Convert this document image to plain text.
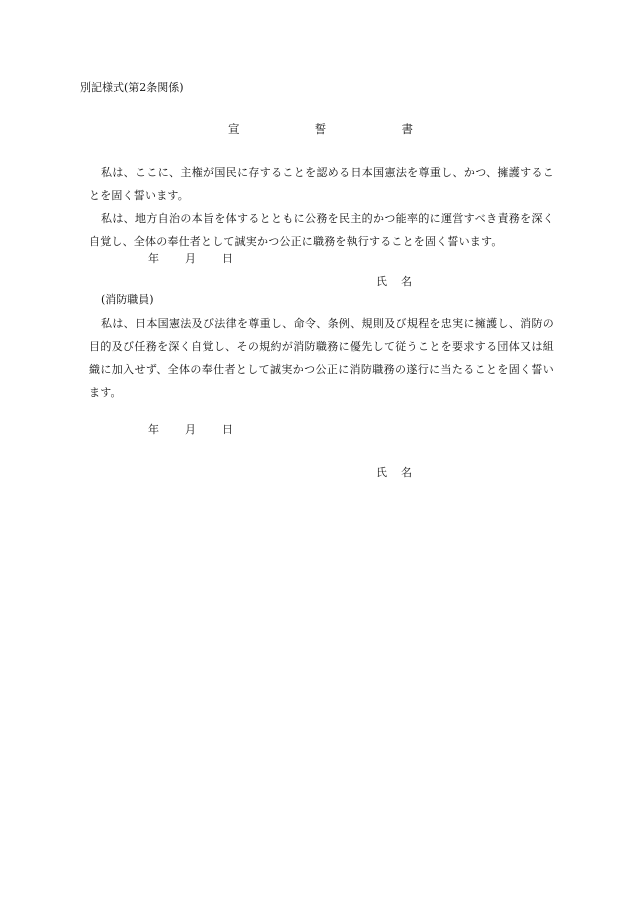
別記様式(第2条関係)
宣	誓	書
私は、ここに、主権が国民に存することを認める日本国憲法を尊重し、かつ、擁護することを固く誓います。
私は、地方自治の本旨を体するとともに公務を民主的かつ能率的に運営すべき責務を深く自覚し、全体の奉仕者として誠実かつ公正に職務を執行することを固く誓います。
年 月 日
氏 名
(消防職員)
私は、日本国憲法及び法律を尊重し、命令、条例、規則及び規程を忠実に擁護し、消防の目的及び任務を深く自覚し、その規約が消防職務に優先して従うことを要求する団体又は組織に加入せず、全体の奉仕者として誠実かつ公正に消防職務の遂行に当たることを固く誓います。
年 月 日
氏 名
